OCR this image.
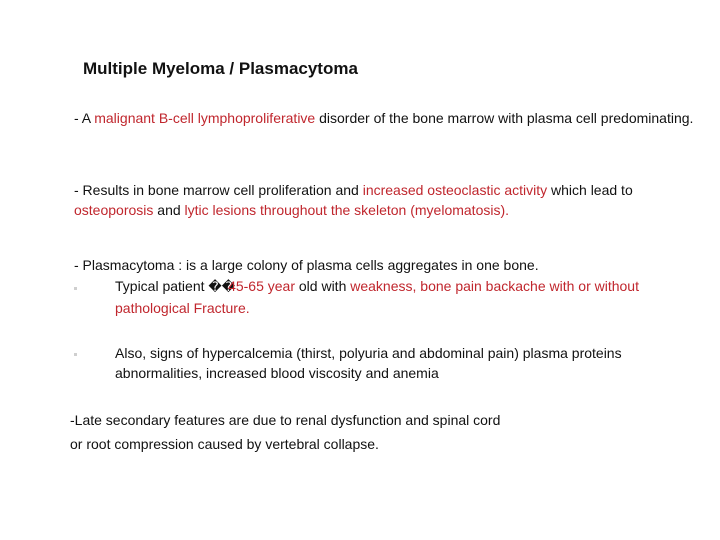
Multiple Myeloma / Plasmacytoma
- A malignant B-cell lymphoproliferative disorder of the bone marrow with plasma cell predominating.
- Results in bone marrow cell proliferation and increased osteoclastic activity which lead to osteoporosis and lytic lesions throughout the skeleton (myelomatosis).
- Plasmacytoma : is a large colony of plasma cells aggregates in one bone.
Typical patient ��45-65 year old with weakness, bone pain backache with or without pathological Fracture.
Also, signs of hypercalcemia (thirst, polyuria and abdominal pain) plasma proteins abnormalities, increased blood viscosity and anemia
-Late secondary features are due to renal dysfunction and spinal cord or root compression caused by vertebral collapse.
